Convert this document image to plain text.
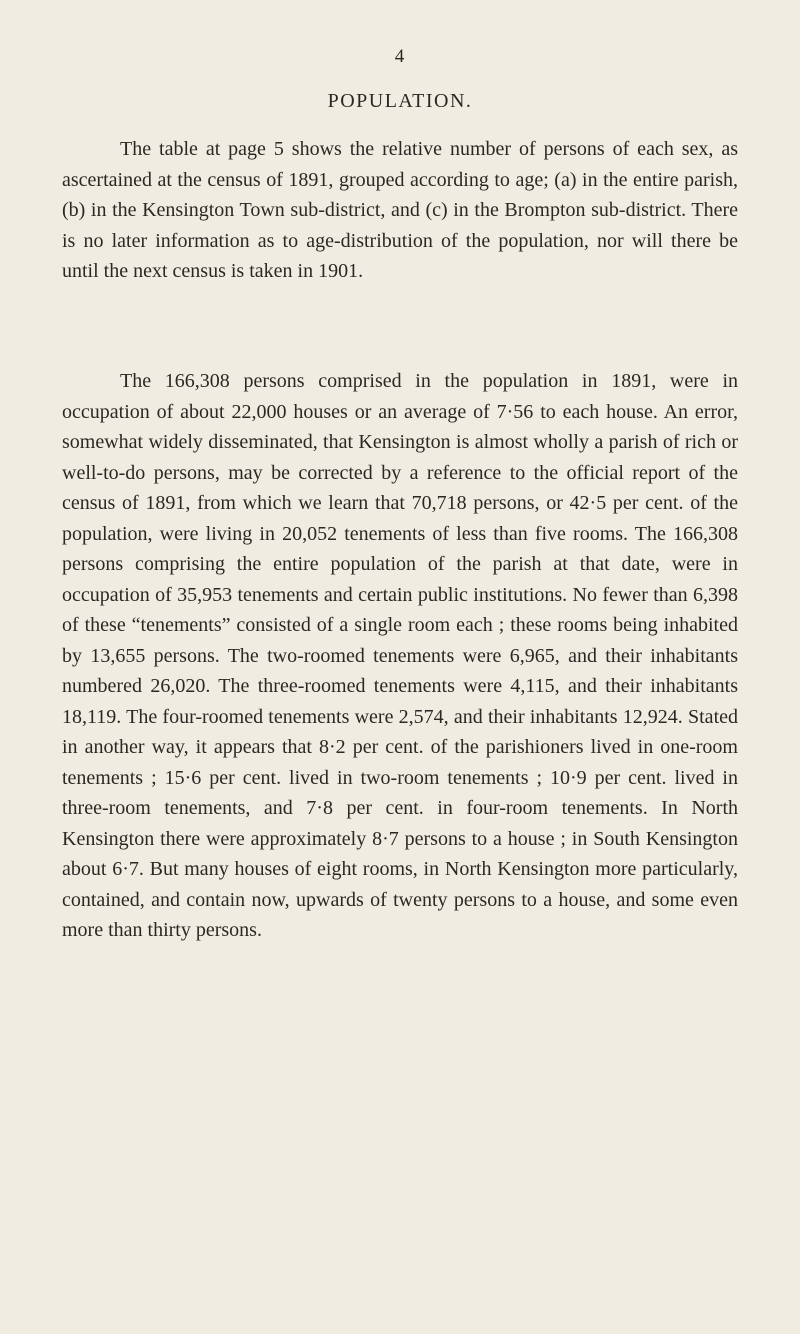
4
POPULATION.

The table at page 5 shows the relative number of persons of each sex, as ascertained at the census of 1891, grouped according to age; (a) in the entire parish, (b) in the Kensington Town sub-district, and (c) in the Brompton sub-district. There is no later information as to age-distribution of the population, nor will there be until the next census is taken in 1901.

The 166,308 persons comprised in the population in 1891, were in occupation of about 22,000 houses or an average of 7·56 to each house. An error, somewhat widely disseminated, that Kensington is almost wholly a parish of rich or well-to-do persons, may be corrected by a reference to the official report of the census of 1891, from which we learn that 70,718 persons, or 42·5 per cent. of the population, were living in 20,052 tenements of less than five rooms. The 166,308 persons comprising the entire population of the parish at that date, were in occupation of 35,953 tenements and certain public institutions. No fewer than 6,398 of these “tenements” consisted of a single room each ; these rooms being inhabited by 13,655 persons. The two-roomed tenements were 6,965, and their inhabitants numbered 26,020. The three-roomed tenements were 4,115, and their inhabitants 18,119. The four-roomed tenements were 2,574, and their inhabitants 12,924. Stated in another way, it appears that 8·2 per cent. of the parishioners lived in one-room tenements ; 15·6 per cent. lived in two-room tenements ; 10·9 per cent. lived in three-room tenements, and 7·8 per cent. in four-room tenements. In North Kensington there were approximately 8·7 persons to a house ; in South Kensington about 6·7. But many houses of eight rooms, in North Kensington more particularly, contained, and contain now, upwards of twenty persons to a house, and some even more than thirty persons.
